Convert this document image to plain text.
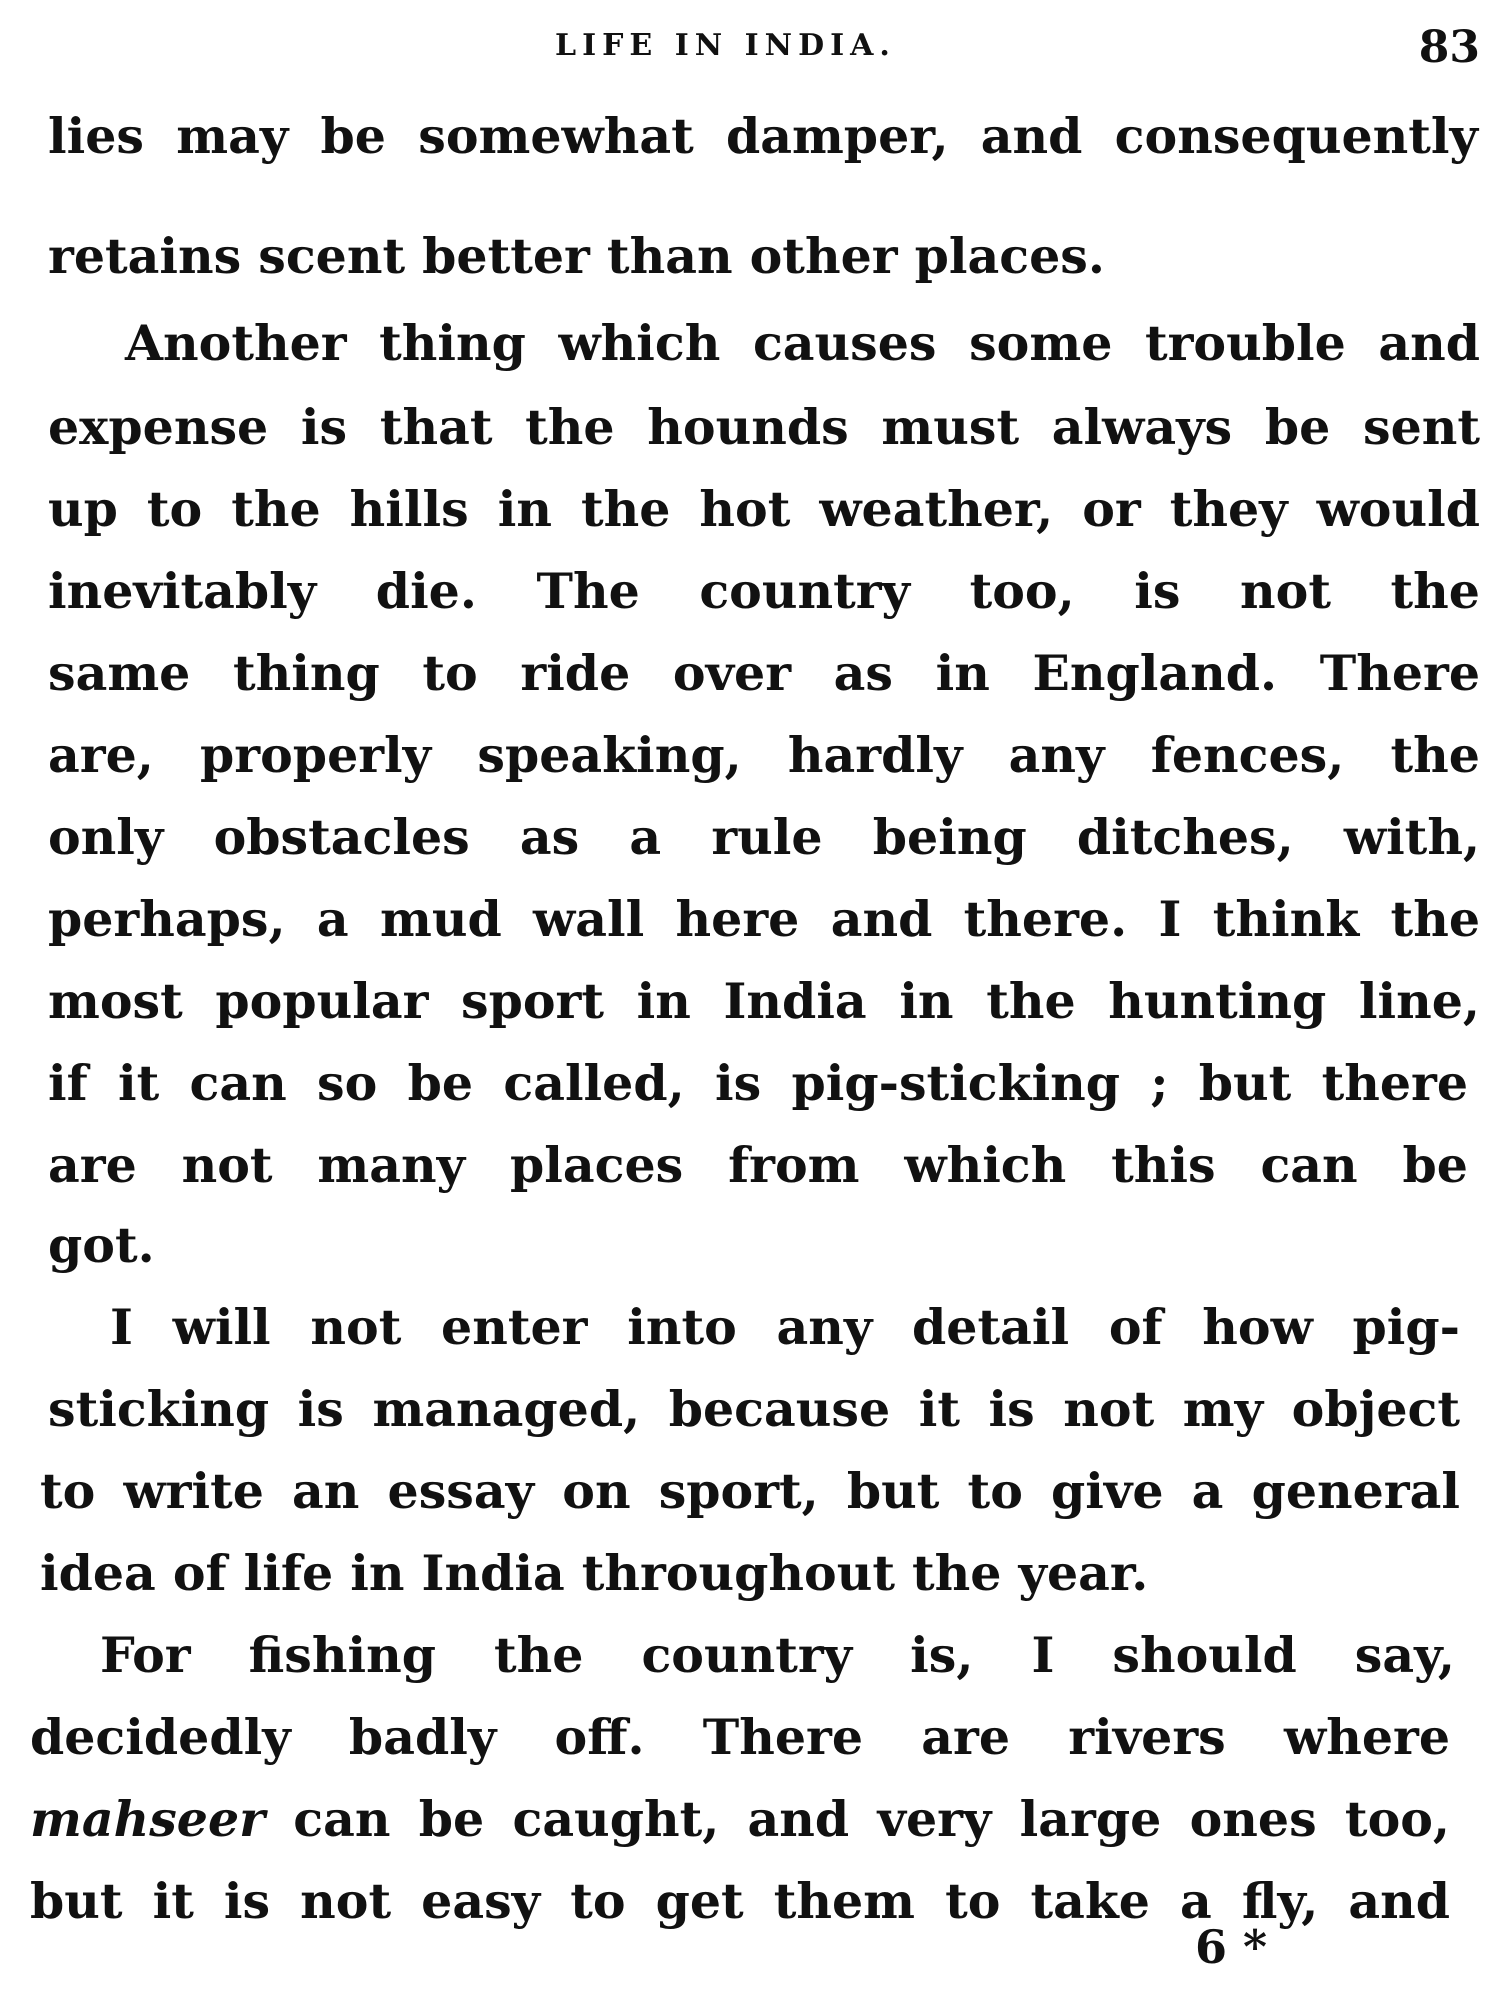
LIFE IN INDIA.	83
lies may be somewhat damper, and consequently
retains scent better than other places.
Another thing which causes some trouble and
expense is that the hounds must always be sent
up to the hills in the hot weather, or they would
inevitably die. The country too, is not the
same thing to ride over as in England. There
are, properly speaking, hardly any fences, the
only obstacles as a rule being ditches, with,
perhaps, a mud wall here and there. I think the
most popular sport in India in the hunting line,
if it can so be called, is pig-sticking ; but there
are not many places from which this can be
got.
I will not enter into any detail of how pig-
sticking is managed, because it is not my object
to write an essay on sport, but to give a general
idea of life in India throughout the year.
For fishing the country is, I should say,
decidedly badly off. There are rivers where
mahseer can be caught, and very large ones too,
but it is not easy to get them to take a fly, and
6 *
